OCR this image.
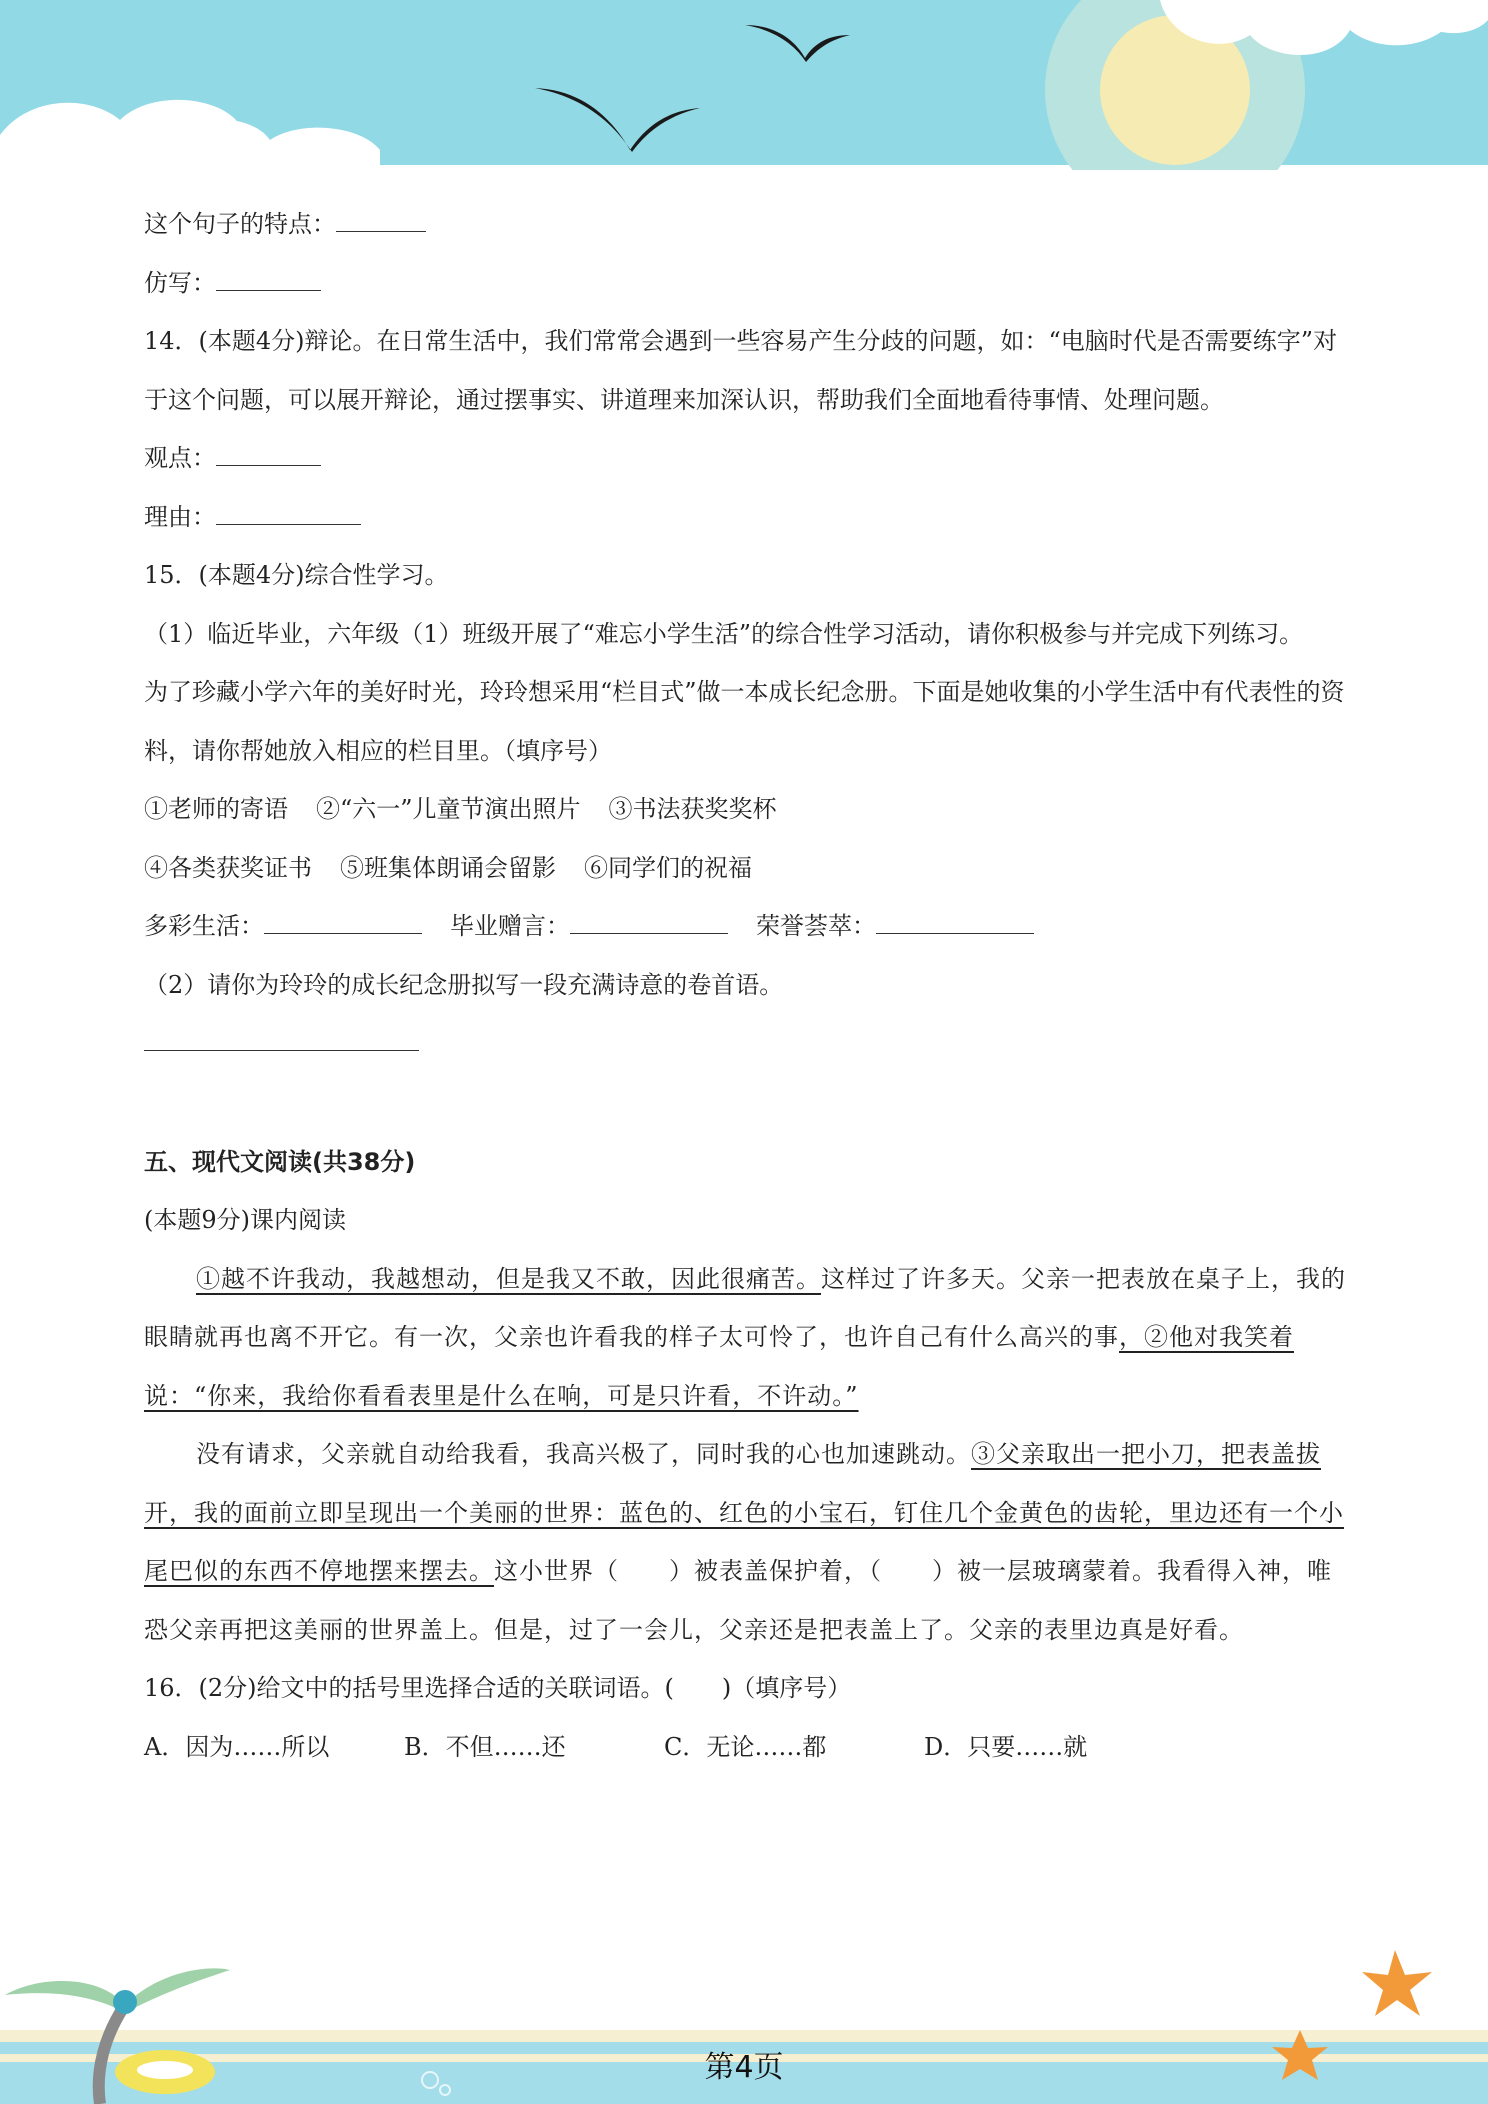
这个句子的特点：

仿写：

14．(本题4分)辩论。在日常生活中，我们常常会遇到一些容易产生分歧的问题，如：“电脑时代是否需要练字”对于这个问题，可以展开辩论，通过摆事实、讲道理来加深认识，帮助我们全面地看待事情、处理问题。

观点：

理由：

15．(本题4分)综合性学习。

（1）临近毕业，六年级（1）班级开展了“难忘小学生活”的综合性学习活动，请你积极参与并完成下列练习。

为了珍藏小学六年的美好时光，玲玲想采用“栏目式”做一本成长纪念册。下面是她收集的小学生活中有代表性的资料，请你帮她放入相应的栏目里。（填序号）

①老师的寄语 ②“六一”儿童节演出照片 ③书法获奖奖杯

④各类获奖证书 ⑤班集体朗诵会留影 ⑥同学们的祝福

多彩生活：	毕业赠言：	荣誉荟萃：

（2）请你为玲玲的成长纪念册拟写一段充满诗意的卷首语。

五、现代文阅读(共38分)

(本题9分)课内阅读

①越不许我动，我越想动，但是我又不敢，因此很痛苦。这样过了许多天。父亲一把表放在桌子上，我的眼睛就再也离不开它。有一次，父亲也许看我的样子太可怜了，也许自己有什么高兴的事，②他对我笑着说：“你来，我给你看看表里是什么在响，可是只许看，不许动。”

没有请求，父亲就自动给我看，我高兴极了，同时我的心也加速跳动。③父亲取出一把小刀，把表盖拔开，我的面前立即呈现出一个美丽的世界：蓝色的、红色的小宝石，钉住几个金黄色的齿轮，里边还有一个小尾巴似的东西不停地摆来摆去。这小世界（　　）被表盖保护着，（　　）被一层玻璃蒙着。我看得入神，唯恐父亲再把这美丽的世界盖上。但是，过了一会儿，父亲还是把表盖上了。父亲的表里边真是好看。

16．(2分)给文中的括号里选择合适的关联词语。(　　)（填序号）

A．因为……所以	B．不但……还	C．无论……都	D．只要……就

第4页
